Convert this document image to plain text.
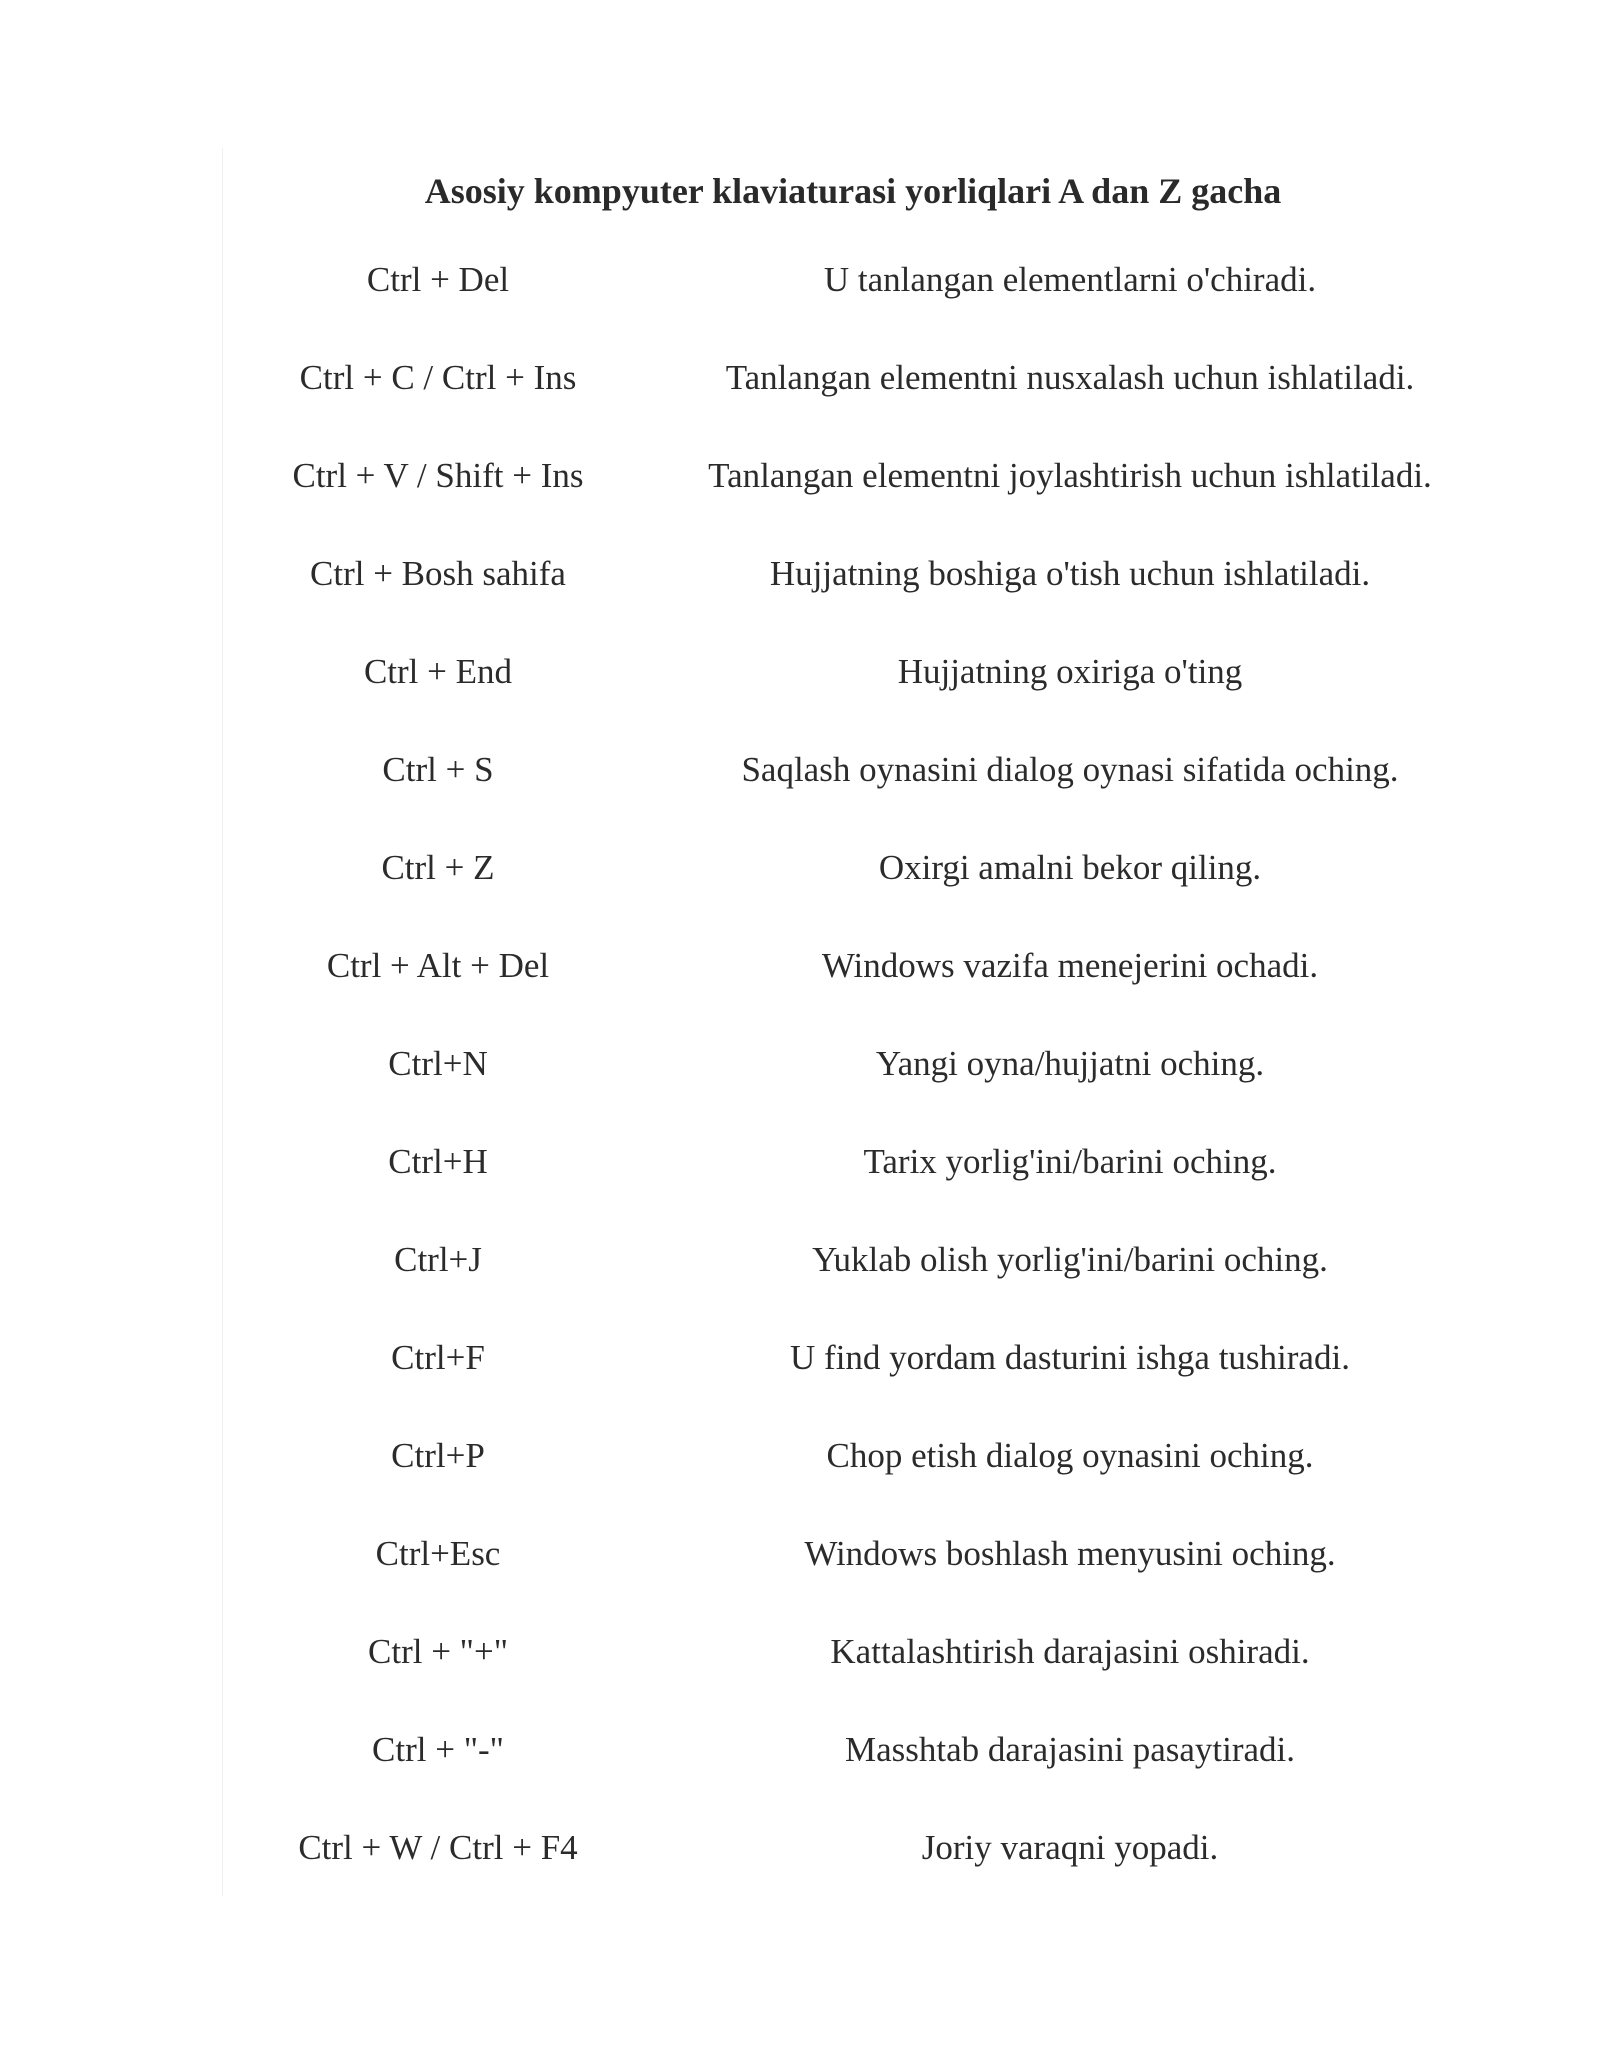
Asosiy kompyuter klaviaturasi yorliqlari A dan Z gacha
Ctrl + Del	U tanlangan elementlarni o'chiradi.
Ctrl + C / Ctrl + Ins	Tanlangan elementni nusxalash uchun ishlatiladi.
Ctrl + V / Shift + Ins	Tanlangan elementni joylashtirish uchun ishlatiladi.
Ctrl + Bosh sahifa	Hujjatning boshiga o'tish uchun ishlatiladi.
Ctrl + End	Hujjatning oxiriga o'ting
Ctrl + S	Saqlash oynasini dialog oynasi sifatida oching.
Ctrl + Z	Oxirgi amalni bekor qiling.
Ctrl + Alt + Del	Windows vazifa menejerini ochadi.
Ctrl+N	Yangi oyna/hujjatni oching.
Ctrl+H	Tarix yorlig'ini/barini oching.
Ctrl+J	Yuklab olish yorlig'ini/barini oching.
Ctrl+F	U find yordam dasturini ishga tushiradi.
Ctrl+P	Chop etish dialog oynasini oching.
Ctrl+Esc	Windows boshlash menyusini oching.
Ctrl + "+"	Kattalashtirish darajasini oshiradi.
Ctrl + "-"	Masshtab darajasini pasaytiradi.
Ctrl + W / Ctrl + F4	Joriy varaqni yopadi.
